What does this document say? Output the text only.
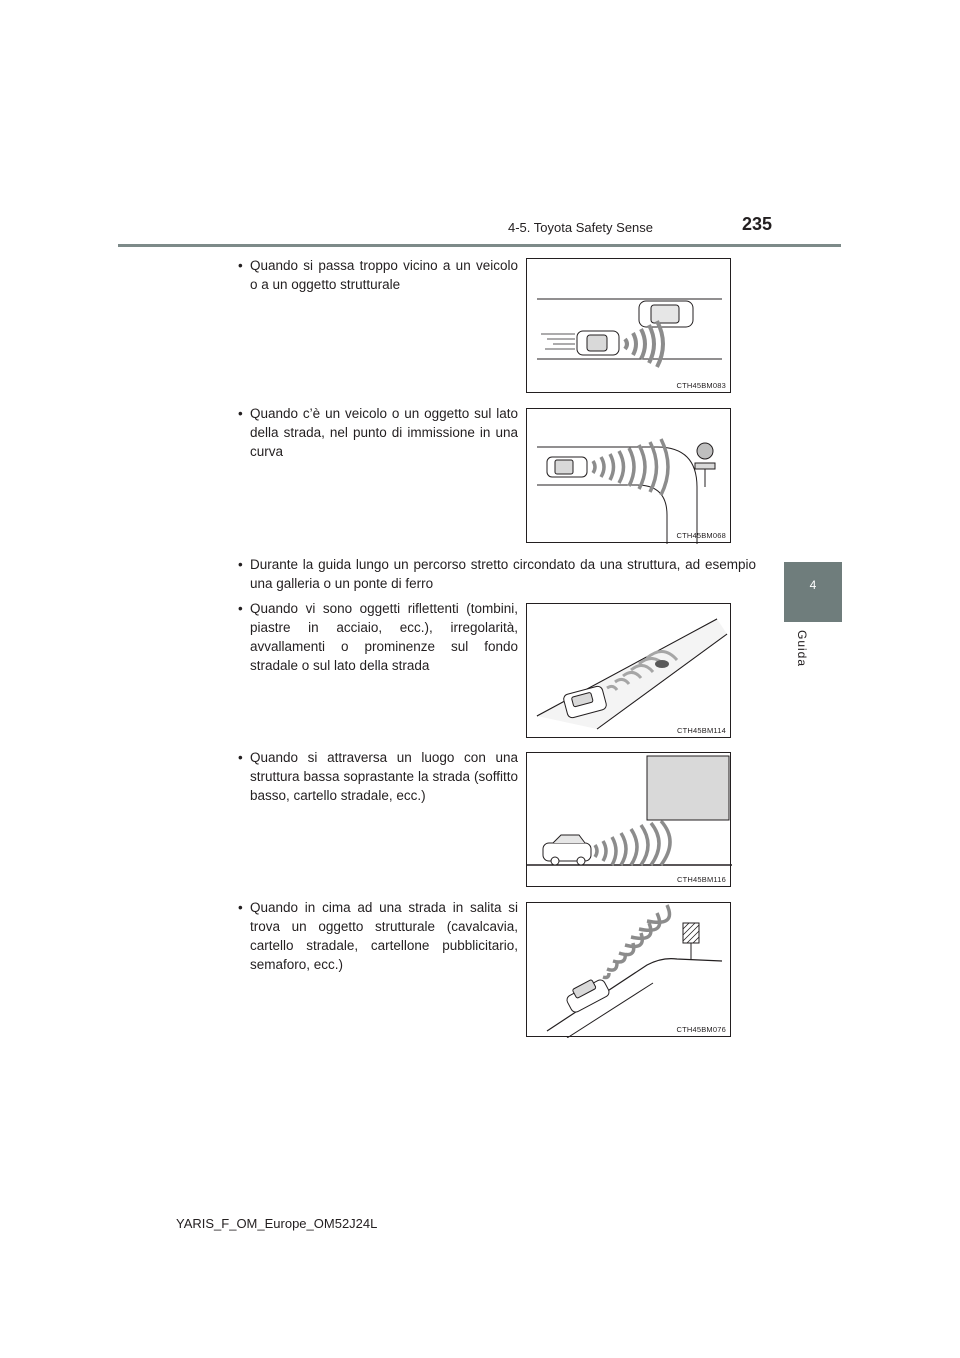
4-5. Toyota Safety Sense	235
4
Guida
• Quando si passa troppo vicino a un veicolo o a un oggetto strutturale
CTH45BM083
• Quando c’è un veicolo o un oggetto sul lato della strada, nel punto di immissione in una curva
CTH45BM068
• Durante la guida lungo un percorso stretto circondato da una struttura, ad esempio una galleria o un ponte di ferro
• Quando vi sono oggetti riflettenti (tombini, piastre in acciaio, ecc.), irregolarità, avvallamenti o prominenze sul fondo stradale o sul lato della strada
CTH45BM114
• Quando si attraversa un luogo con una struttura bassa soprastante la strada (soffitto basso, cartello stradale, ecc.)
CTH45BM116
• Quando in cima ad una strada in salita si trova un oggetto strutturale (cavalcavia, cartello stradale, cartellone pubblicitario, semaforo, ecc.)
CTH45BM076
YARIS_F_OM_Europe_OM52J24L
